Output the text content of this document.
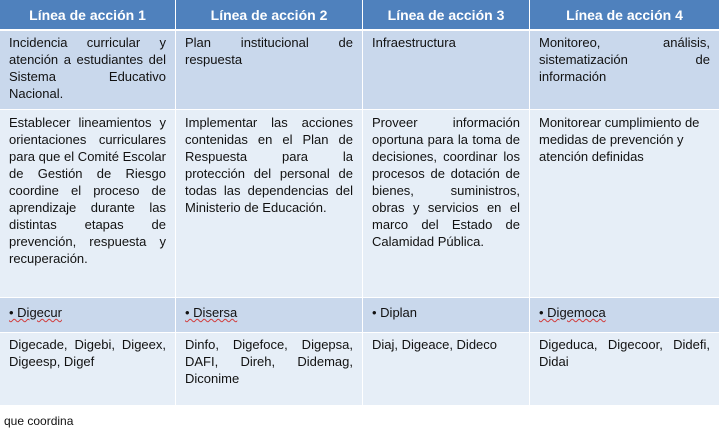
Línea de acción 1	Línea de acción 2	Línea de acción 3	Línea de acción 4
Incidencia curricular y atención a estudiantes del Sistema Educativo Nacional.	Plan institucional de respuesta	Infraestructura	Monitoreo, análisis, sistematización de información
Establecer lineamientos y orientaciones curriculares para que el Comité Escolar de Gestión de Riesgo coordine el proceso de aprendizaje durante las distintas etapas de prevención, respuesta y recuperación.	Implementar las acciones contenidas en el Plan de Respuesta para la protección del personal de todas las dependencias del Ministerio de Educación.	Proveer información oportuna para la toma de decisiones, coordinar los procesos de dotación de bienes, suministros, obras y servicios en el marco del Estado de Calamidad Pública.	Monitorear cumplimiento de medidas de prevención y atención definidas
• Digecur	• Disersa	• Diplan	• Digemoca
Digecade, Digebi, Digeex, Digeesp, Digef	Dinfo, Digefoce, Digepsa, DAFI, Direh, Didemag, Diconime	Diaj, Digeace, Dideco	Digeduca, Digecoor, Didefi, Didai
que coordina
